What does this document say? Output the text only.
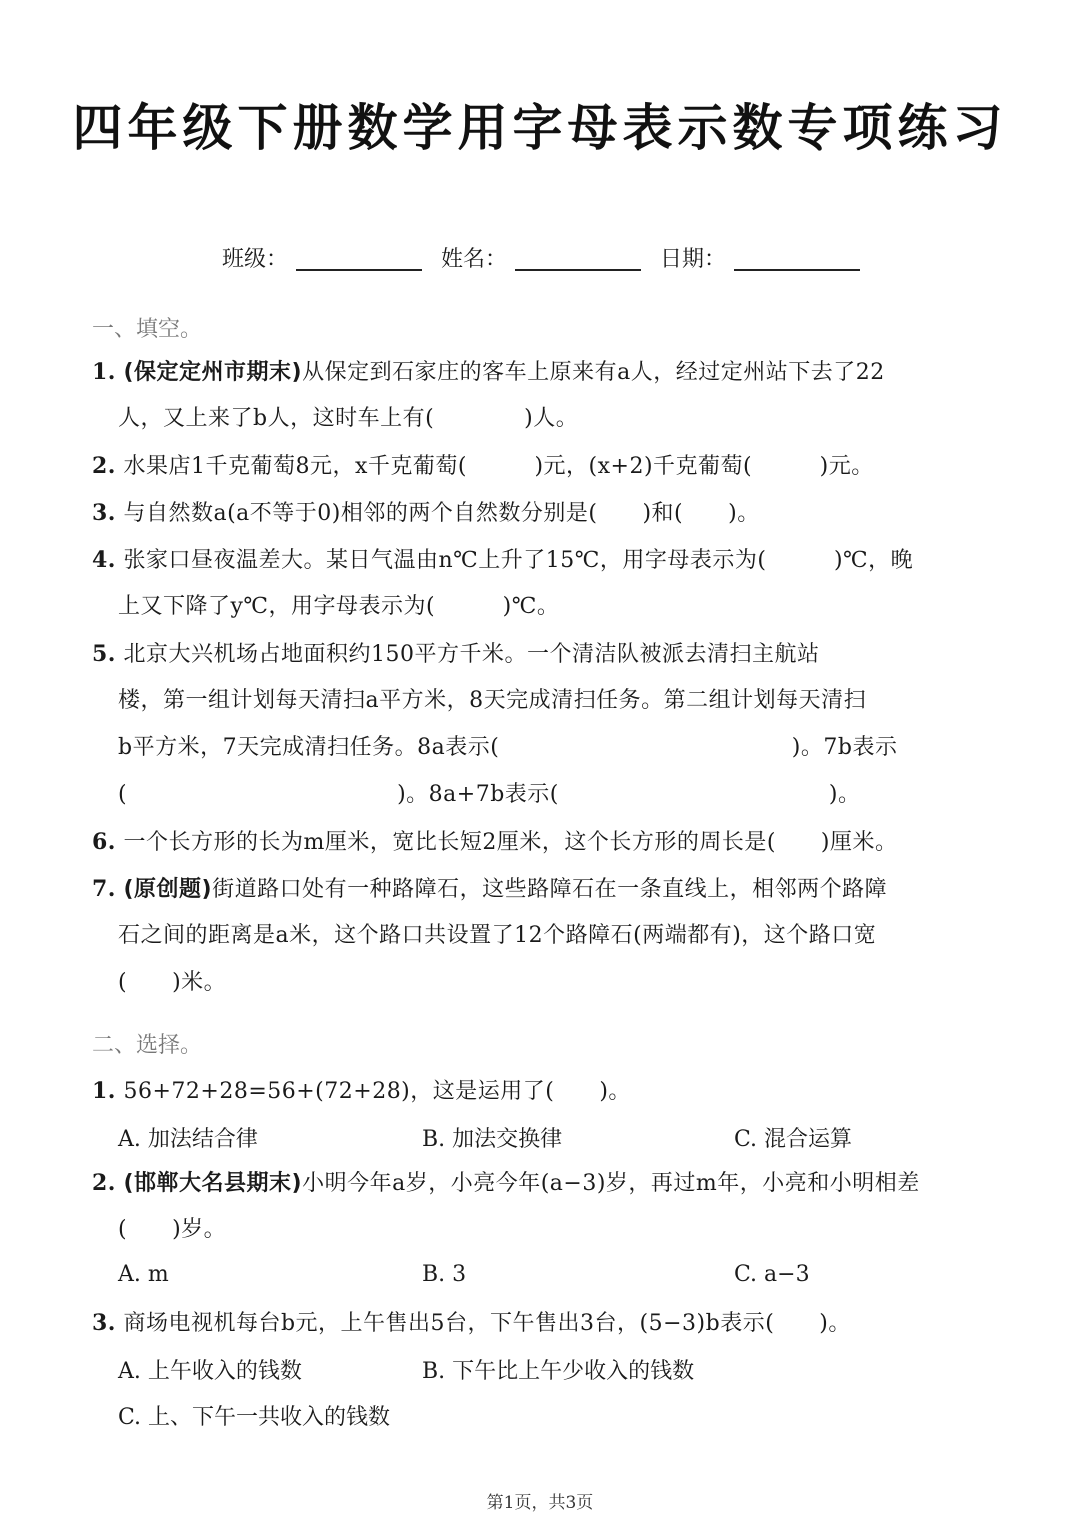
四年级下册数学用字母表示数专项练习
班级：	姓名：	日期：
一、填空。
1. (保定定州市期末)从保定到石家庄的客车上原来有a人，经过定州站下去了22
人，又上来了b人，这时车上有(　　　　)人。
2. 水果店1千克葡萄8元，x千克葡萄(　　　)元，(x+2)千克葡萄(　　　)元。
3. 与自然数a(a不等于0)相邻的两个自然数分别是(　　)和(　　)。
4. 张家口昼夜温差大。某日气温由n℃上升了15℃，用字母表示为(　　　)℃，晚
上又下降了y℃，用字母表示为(　　　)℃。
5. 北京大兴机场占地面积约150平方千米。一个清洁队被派去清扫主航站
楼，第一组计划每天清扫a平方米，8天完成清扫任务。第二组计划每天清扫
b平方米，7天完成清扫任务。8a表示(　　　　　　　　　　　　　)。7b表示
(　　　　　　　　　　　　)。8a+7b表示(　　　　　　　　　　　　)。
6. 一个长方形的长为m厘米，宽比长短2厘米，这个长方形的周长是(　　)厘米。
7. (原创题)街道路口处有一种路障石，这些路障石在一条直线上，相邻两个路障
石之间的距离是a米，这个路口共设置了12个路障石(两端都有)，这个路口宽
(　　)米。
二、选择。
1. 56+72+28=56+(72+28)，这是运用了(　　)。
A. 加法结合律	B. 加法交换律	C. 混合运算
2. (邯郸大名县期末)小明今年a岁，小亮今年(a−3)岁，再过m年，小亮和小明相差
(　　)岁。
A. m	B. 3	C. a−3
3. 商场电视机每台b元，上午售出5台，下午售出3台，(5−3)b表示(　　)。
A. 上午收入的钱数	B. 下午比上午少收入的钱数
C. 上、下午一共收入的钱数
第1页，共3页
